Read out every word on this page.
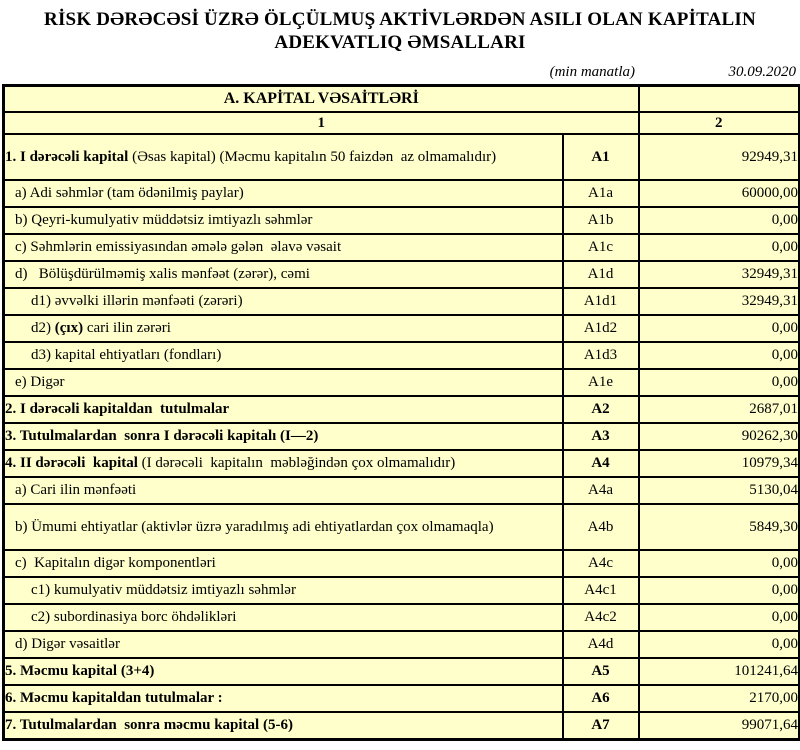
RİSK DƏRƏCƏSİ ÜZRƏ ÖLÇÜLMUŞ AKTİVLƏRDƏN ASILI OLAN KAPİTALIN
ADEKVATLIQ ƏMSALLARI
(min manatla)	30.09.2020
A. KAPİTAL VƏSAİTLƏRİ		
1		2
1. I dərəcəli kapital (Əsas kapital) (Məcmu kapitalın 50 faizdən  az olmamalıdır)	A1	92949,31
a) Adi səhmlər (tam ödənilmiş paylar)	A1a	60000,00
b) Qeyri-kumulyativ müddətsiz imtiyazlı səhmlər	A1b	0,00
c) Səhmlərin emissiyasından əmələ gələn  əlavə vəsait	A1c	0,00
d)   Bölüşdürülməmiş xalis mənfəət (zərər), cəmi	A1d	32949,31
d1) əvvəlki illərin mənfəəti (zərəri)	A1d1	32949,31
d2) (çıx) cari ilin zərəri	A1d2	0,00
d3) kapital ehtiyatları (fondları)	A1d3	0,00
e) Digər	A1e	0,00
2. I dərəcəli kapitaldan  tutulmalar	A2	2687,01
3. Tutulmalardan  sonra I dərəcəli kapitalı (I—2)	A3	90262,30
4. II dərəcəli  kapital (I dərəcəli  kapitalın  məbləğindən çox olmamalıdır)	A4	10979,34
a) Cari ilin mənfəəti	A4a	5130,04
b) Ümumi ehtiyatlar (aktivlər üzrə yaradılmış adi ehtiyatlardan çox olmamaqla)	A4b	5849,30
c)  Kapitalın digər komponentləri	A4c	0,00
c1) kumulyativ müddətsiz imtiyazlı səhmlər	A4c1	0,00
c2) subordinasiya borc öhdəlikləri	A4c2	0,00
d) Digər vəsaitlər	A4d	0,00
5. Məcmu kapital (3+4)	A5	101241,64
6. Məcmu kapitaldan tutulmalar :	A6	2170,00
7. Tutulmalardan  sonra məcmu kapital (5-6)	A7	99071,64
